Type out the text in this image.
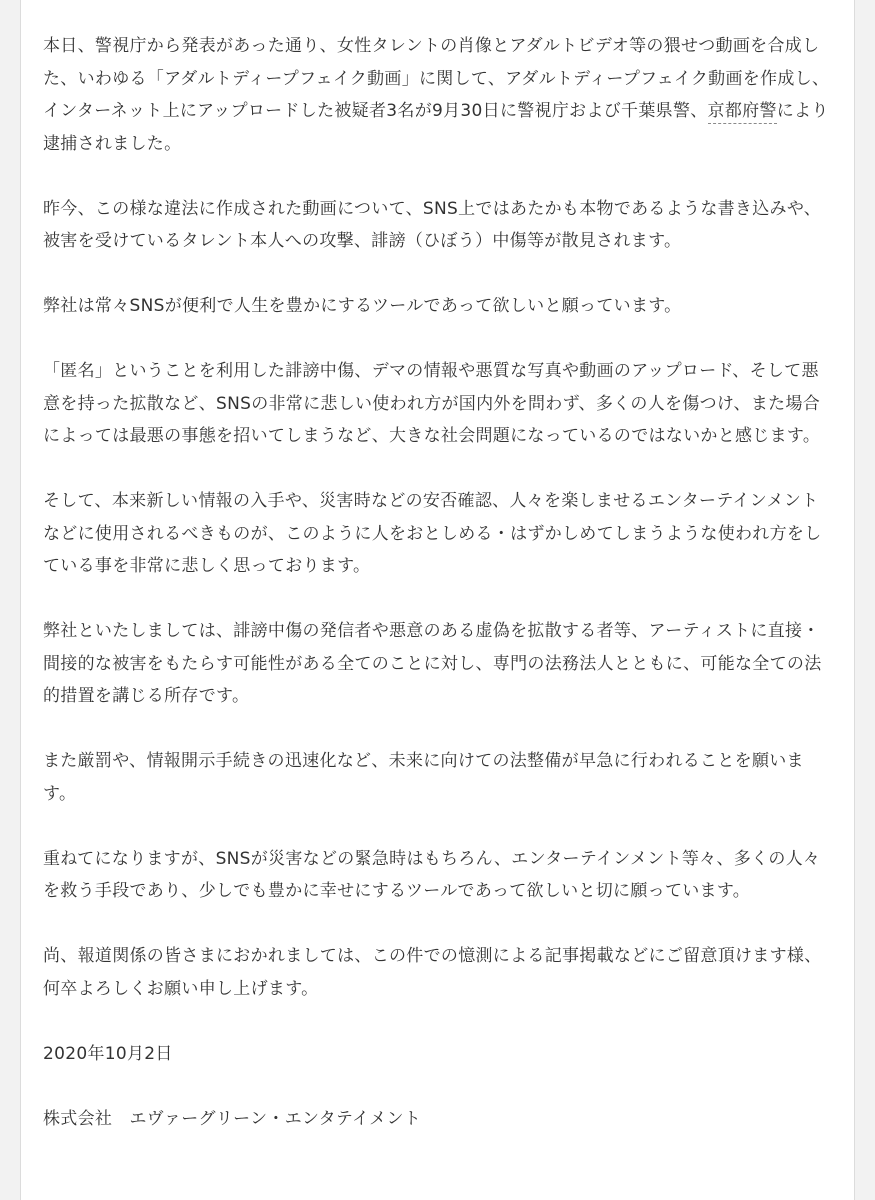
本日、警視庁から発表があった通り、女性タレントの肖像とアダルトビデオ等の猥せつ動画を合成した、いわゆる「アダルトディープフェイク動画」に関して、アダルトディープフェイク動画を作成し、インターネット上にアップロードした被疑者3名が9月30日に警視庁および千葉県警、京都府警により逮捕されました。

昨今、この様な違法に作成された動画について、SNS上ではあたかも本物であるような書き込みや、被害を受けているタレント本人への攻撃、誹謗（ひぼう）中傷等が散見されます。

弊社は常々SNSが便利で人生を豊かにするツールであって欲しいと願っています。

「匿名」ということを利用した誹謗中傷、デマの情報や悪質な写真や動画のアップロード、そして悪意を持った拡散など、SNSの非常に悲しい使われ方が国内外を問わず、多くの人を傷つけ、また場合によっては最悪の事態を招いてしまうなど、大きな社会問題になっているのではないかと感じます。

そして、本来新しい情報の入手や、災害時などの安否確認、人々を楽しませるエンターテインメントなどに使用されるべきものが、このように人をおとしめる・はずかしめてしまうような使われ方をしている事を非常に悲しく思っております。

弊社といたしましては、誹謗中傷の発信者や悪意のある虚偽を拡散する者等、アーティストに直接・間接的な被害をもたらす可能性がある全てのことに対し、専門の法務法人とともに、可能な全ての法的措置を講じる所存です。

また厳罰や、情報開示手続きの迅速化など、未来に向けての法整備が早急に行われることを願います。

重ねてになりますが、SNSが災害などの緊急時はもちろん、エンターテインメント等々、多くの人々を救う手段であり、少しでも豊かに幸せにするツールであって欲しいと切に願っています。

尚、報道関係の皆さまにおかれましては、この件での憶測による記事掲載などにご留意頂けます様、何卒よろしくお願い申し上げます。

2020年10月2日

株式会社　エヴァーグリーン・エンタテイメント
